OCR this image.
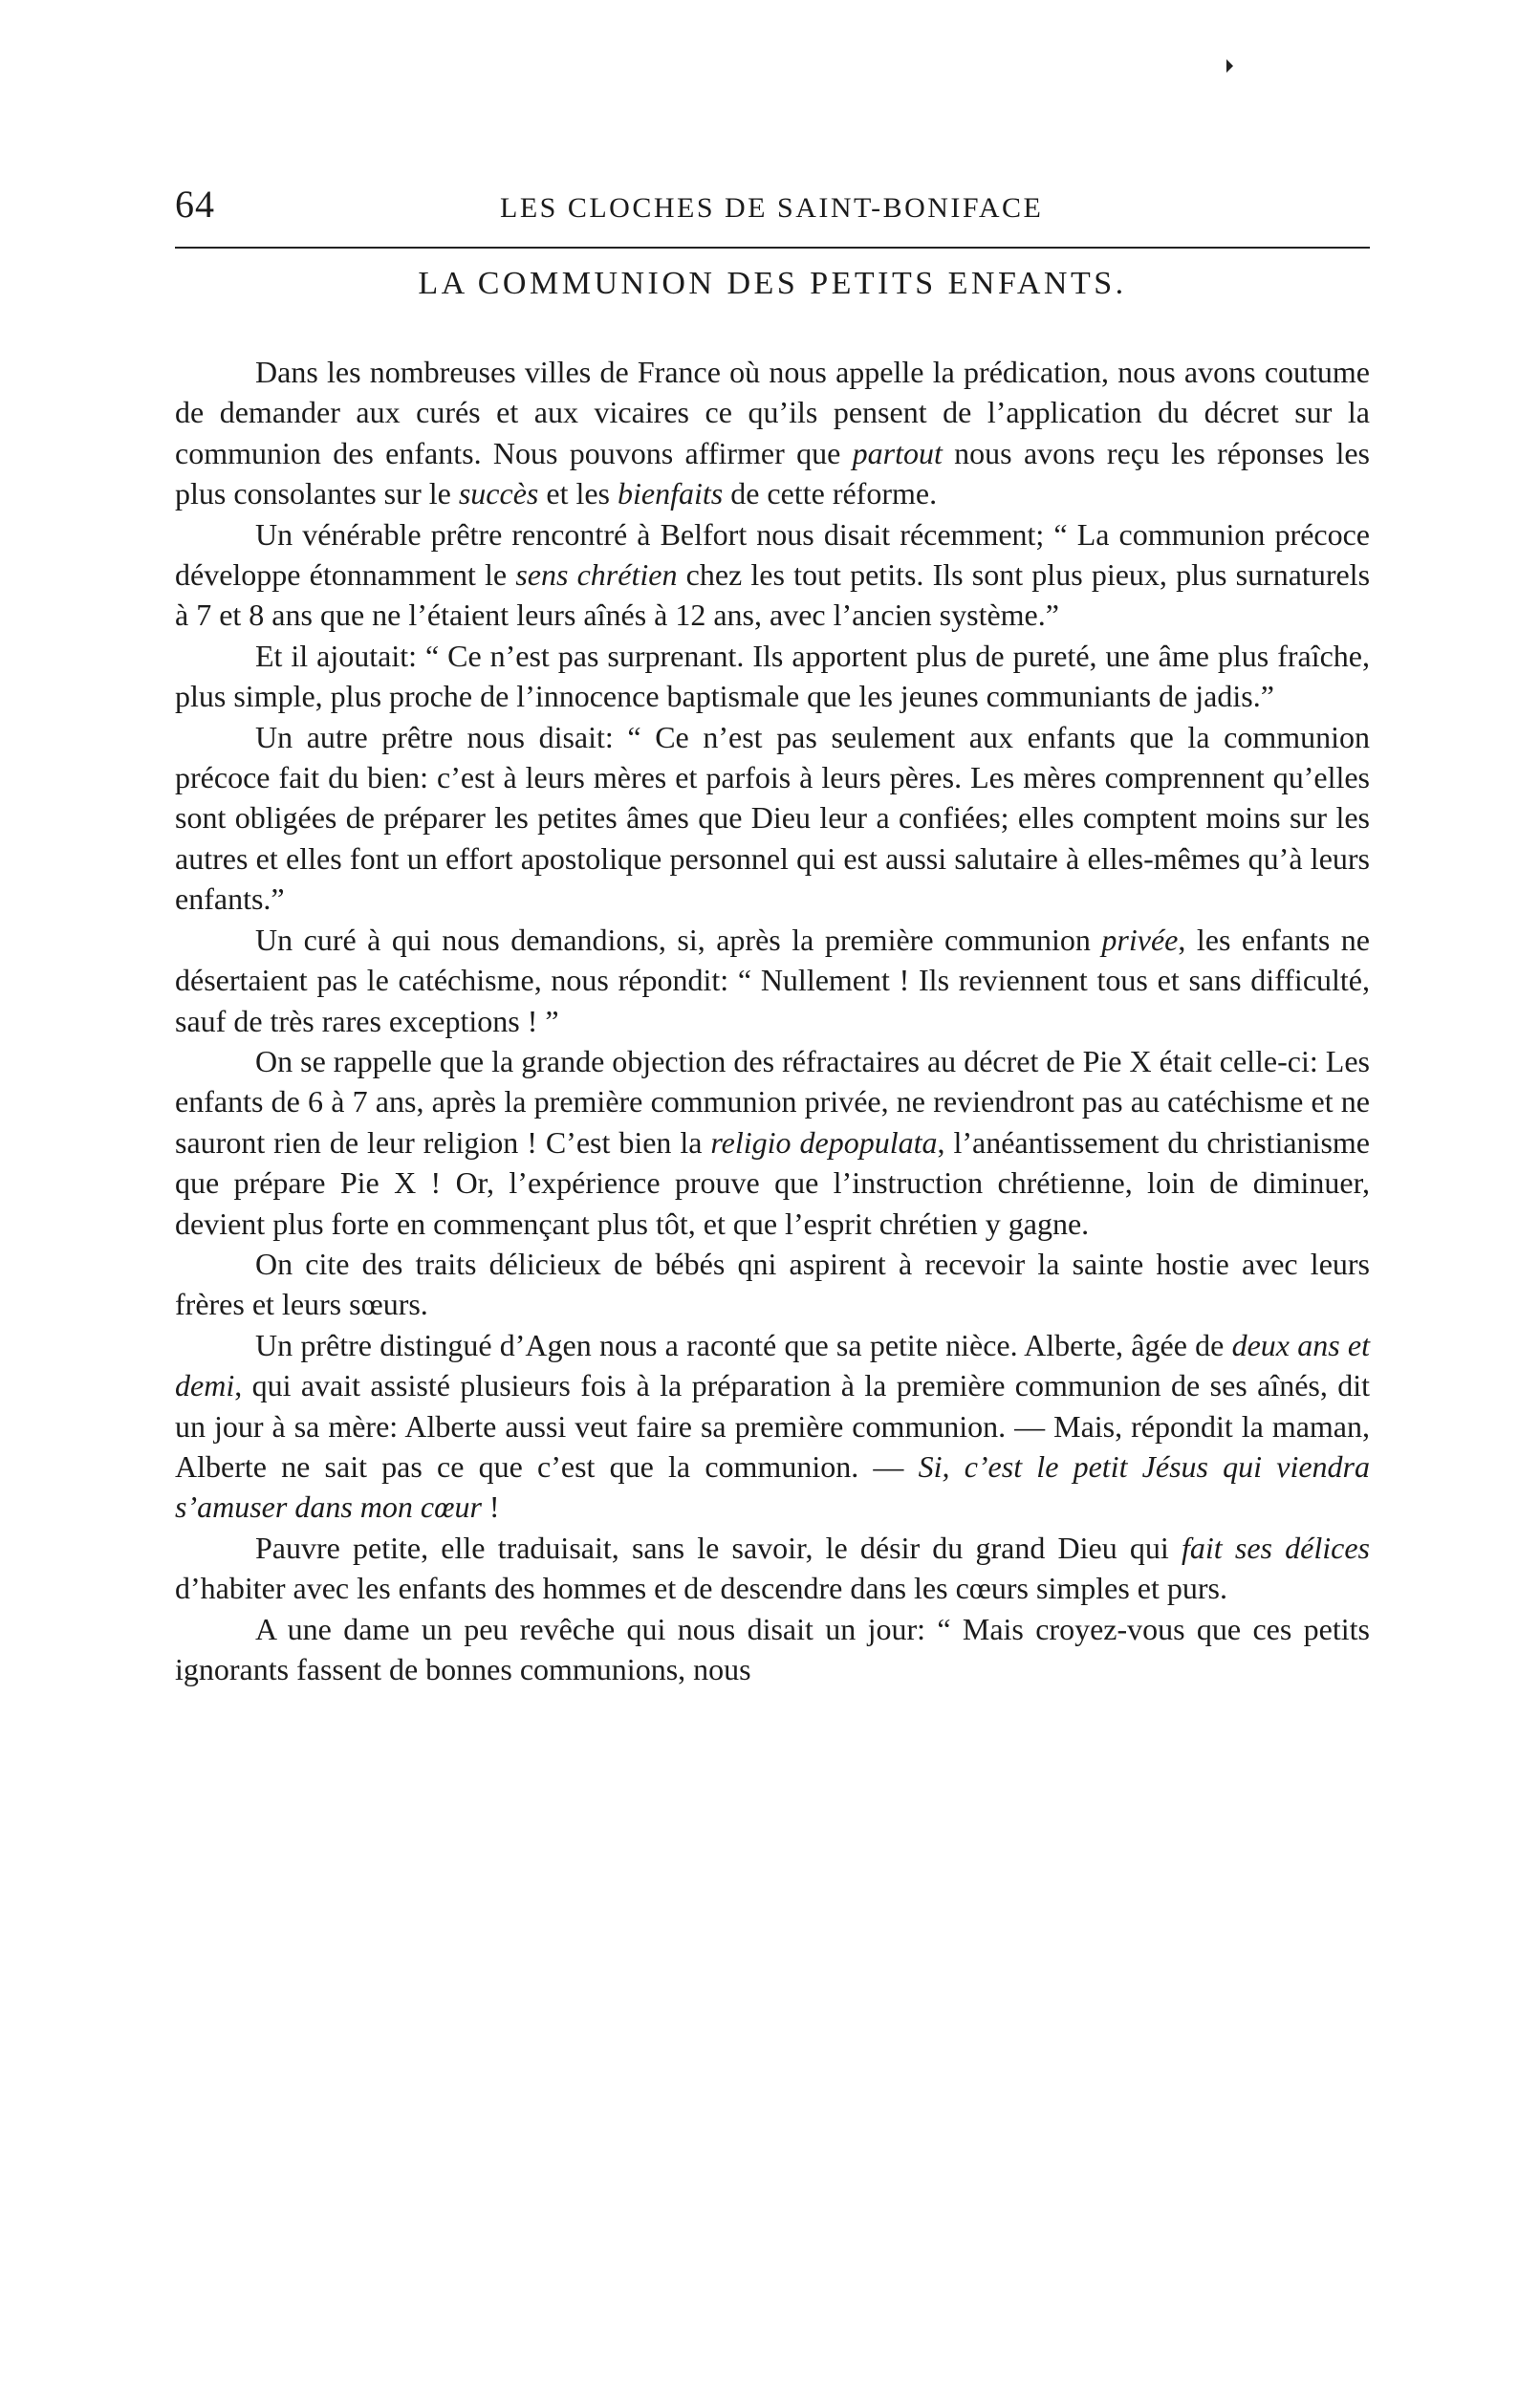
64	LES CLOCHES DE SAINT-BONIFACE
LA COMMUNION DES PETITS ENFANTS.

Dans les nombreuses villes de France où nous appelle la prédication, nous avons coutume de demander aux curés et aux vicaires ce qu’ils pensent de l’application du décret sur la communion des enfants. Nous pouvons affirmer que partout nous avons reçu les réponses les plus consolantes sur le succès et les bienfaits de cette réforme.

Un vénérable prêtre rencontré à Belfort nous disait récemment; “ La communion précoce développe étonnamment le sens chrétien chez les tout petits. Ils sont plus pieux, plus surnaturels à 7 et 8 ans que ne l’étaient leurs aînés à 12 ans, avec l’ancien système.”

Et il ajoutait: “ Ce n’est pas surprenant. Ils apportent plus de pureté, une âme plus fraîche, plus simple, plus proche de l’innocence baptismale que les jeunes communiants de jadis.”

Un autre prêtre nous disait: “ Ce n’est pas seulement aux enfants que la communion précoce fait du bien: c’est à leurs mères et parfois à leurs pères. Les mères comprennent qu’elles sont obligées de préparer les petites âmes que Dieu leur a confiées; elles comptent moins sur les autres et elles font un effort apostolique personnel qui est aussi salutaire à elles-mêmes qu’à leurs enfants.”

Un curé à qui nous demandions, si, après la première communion privée, les enfants ne désertaient pas le catéchisme, nous répondit: “ Nullement ! Ils reviennent tous et sans difficulté, sauf de très rares exceptions ! ”

On se rappelle que la grande objection des réfractaires au décret de Pie X était celle-ci: Les enfants de 6 à 7 ans, après la première communion privée, ne reviendront pas au catéchisme et ne sauront rien de leur religion ! C’est bien la religio depopulata, l’anéantissement du christianisme que prépare Pie X ! Or, l’expérience prouve que l’instruction chrétienne, loin de diminuer, devient plus forte en commençant plus tôt, et que l’esprit chrétien y gagne.

On cite des traits délicieux de bébés qni aspirent à recevoir la sainte hostie avec leurs frères et leurs sœurs.

Un prêtre distingué d’Agen nous a raconté que sa petite nièce. Alberte, âgée de deux ans et demi, qui avait assisté plusieurs fois à la préparation à la première communion de ses aînés, dit un jour à sa mère: Alberte aussi veut faire sa première communion. — Mais, répondit la maman, Alberte ne sait pas ce que c’est que la communion. — Si, c’est le petit Jésus qui viendra s’amuser dans mon cœur !

Pauvre petite, elle traduisait, sans le savoir, le désir du grand Dieu qui fait ses délices d’habiter avec les enfants des hommes et de descendre dans les cœurs simples et purs.

A une dame un peu revêche qui nous disait un jour: “ Mais croyez-vous que ces petits ignorants fassent de bonnes communions, nous
